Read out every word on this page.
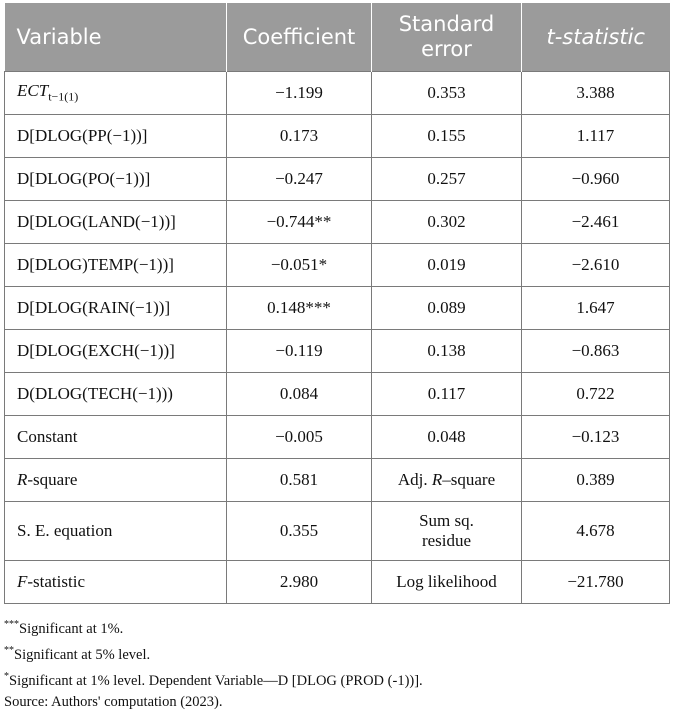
Variable	Coefficient	Standard error	t-statistic
$ECT_{t-1(1)}$	−1.199	0.353	3.388
D[DLOG(PP(−1))]	0.173	0.155	1.117
D[DLOG(PO(−1))]	−0.247	0.257	−0.960
D[DLOG(LAND(−1))]	−0.744**	0.302	−2.461
D[DLOG)TEMP(−1))]	−0.051*	0.019	−2.610
D[DLOG(RAIN(−1))]	0.148***	0.089	1.647
D[DLOG(EXCH(−1))]	−0.119	0.138	−0.863
D(DLOG(TECH(−1)))	0.084	0.117	0.722
Constant	−0.005	0.048	−0.123
R-square	0.581	Adj. R–square	0.389
S. E. equation	0.355	Sum sq. residue	4.678
F-statistic	2.980	Log likelihood	−21.780
***Significant at 1%.
**Significant at 5% level.
*Significant at 1% level. Dependent Variable—D [DLOG (PROD (-1))].
Source: Authors' computation (2023).
